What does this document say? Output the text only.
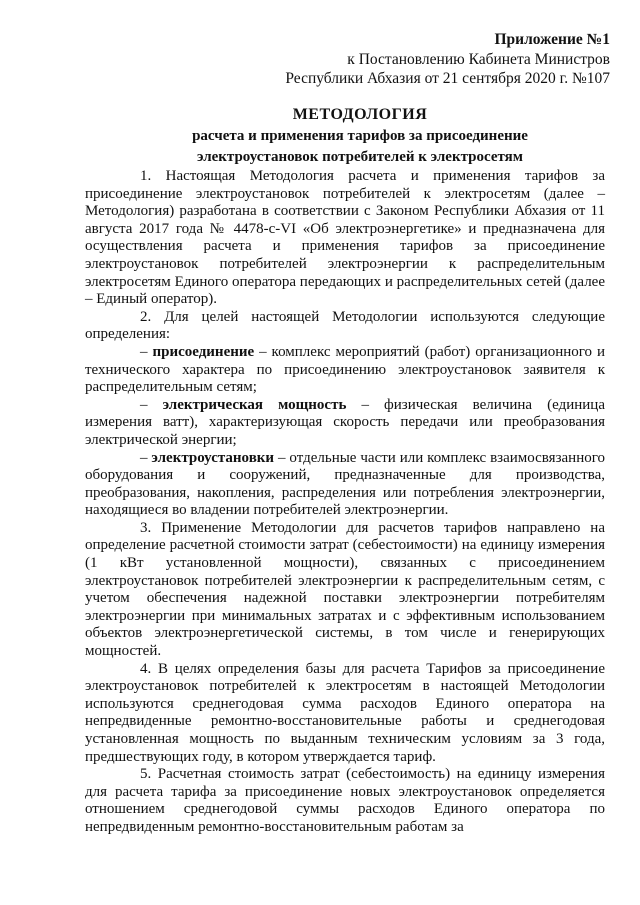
Приложение №1
к Постановлению Кабинета Министров
Республики Абхазия от 21 сентября 2020 г. №107
МЕТОДОЛОГИЯ
расчета и применения тарифов за присоединение
электроустановок потребителей к электросетям

1. Настоящая Методология расчета и применения тарифов за присоединение электроустановок потребителей к электросетям (далее – Методология) разработана в соответствии с Законом Республики Абхазия от 11 августа 2017 года № 4478-с-VI «Об электроэнергетике» и предназначена для осуществления расчета и применения тарифов за присоединение электроустановок потребителей электроэнергии к распределительным электросетям Единого оператора передающих и распределительных сетей (далее – Единый оператор).

2. Для целей настоящей Методологии используются следующие определения:

– присоединение – комплекс мероприятий (работ) организационного и технического характера по присоединению электроустановок заявителя к распределительным сетям;

– электрическая мощность – физическая величина (единица измерения ватт), характеризующая скорость передачи или преобразования электрической энергии;

– электроустановки – отдельные части или комплекс взаимосвязанного оборудования и сооружений, предназначенные для производства, преобразования, накопления, распределения или потребления электроэнергии, находящиеся во владении потребителей электроэнергии.

3. Применение Методологии для расчетов тарифов направлено на определение расчетной стоимости затрат (себестоимости) на единицу измерения (1 кВт установленной мощности), связанных с присоединением электроустановок потребителей электроэнергии к распределительным сетям, с учетом обеспечения надежной поставки электроэнергии потребителям электроэнергии при минимальных затратах и с эффективным использованием объектов электроэнергетической системы, в том числе и генерирующих мощностей.

4. В целях определения базы для расчета Тарифов за присоединение электроустановок потребителей к электросетям в настоящей Методологии используются среднегодовая сумма расходов Единого оператора на непредвиденные ремонтно-восстановительные работы и среднегодовая установленная мощность по выданным техническим условиям за 3 года, предшествующих году, в котором утверждается тариф.

5. Расчетная стоимость затрат (себестоимость) на единицу измерения для расчета тарифа за присоединение новых электроустановок определяется отношением среднегодовой суммы расходов Единого оператора по непредвиденным ремонтно-восстановительным работам за
